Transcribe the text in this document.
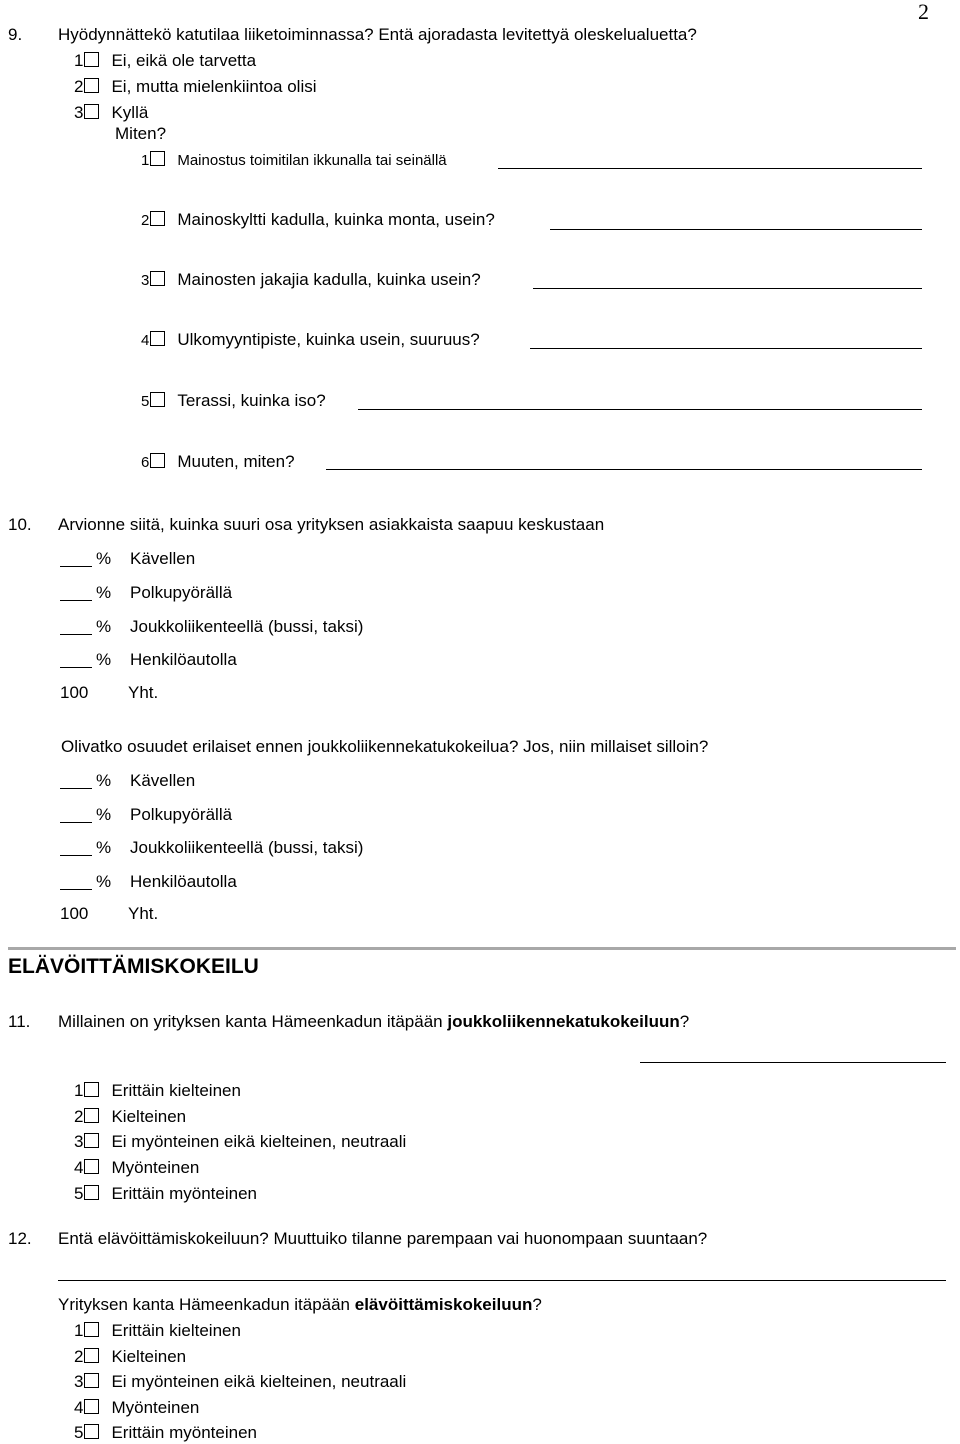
2
9. Hyödynnättekö katutilaa liiketoiminnassa? Entä ajoradasta levitettyä oleskelualuetta?
1 Ei, eikä ole tarvetta
2 Ei, mutta mielenkiintoa olisi
3 Kyllä
Miten?
1 Mainostus toimitilan ikkunalla tai seinällä
2 Mainoskyltti kadulla, kuinka monta, usein?
3 Mainosten jakajia kadulla, kuinka usein?
4 Ulkomyyntipiste, kuinka usein, suuruus?
5 Terassi, kuinka iso?
6 Muuten, miten?
10. Arvionne siitä, kuinka suuri osa yrityksen asiakkaista saapuu keskustaan
% Kävellen
% Polkupyörällä
% Joukkoliikenteellä (bussi, taksi)
% Henkilöautolla
100 Yht.
Olivatko osuudet erilaiset ennen joukkoliikennekatukokeilua? Jos, niin millaiset silloin?
% Kävellen
% Polkupyörällä
% Joukkoliikenteellä (bussi, taksi)
% Henkilöautolla
100 Yht.
ELÄVÖITTÄMISKOKEILU
11. Millainen on yrityksen kanta Hämeenkadun itäpään joukkoliikennekatukokeiluun?
1 Erittäin kielteinen
2 Kielteinen
3 Ei myönteinen eikä kielteinen, neutraali
4 Myönteinen
5 Erittäin myönteinen
12. Entä elävöittämiskokeiluun? Muuttuiko tilanne parempaan vai huonompaan suuntaan?
Yrityksen kanta Hämeenkadun itäpään elävöittämiskokeiluun?
1 Erittäin kielteinen
2 Kielteinen
3 Ei myönteinen eikä kielteinen, neutraali
4 Myönteinen
5 Erittäin myönteinen
